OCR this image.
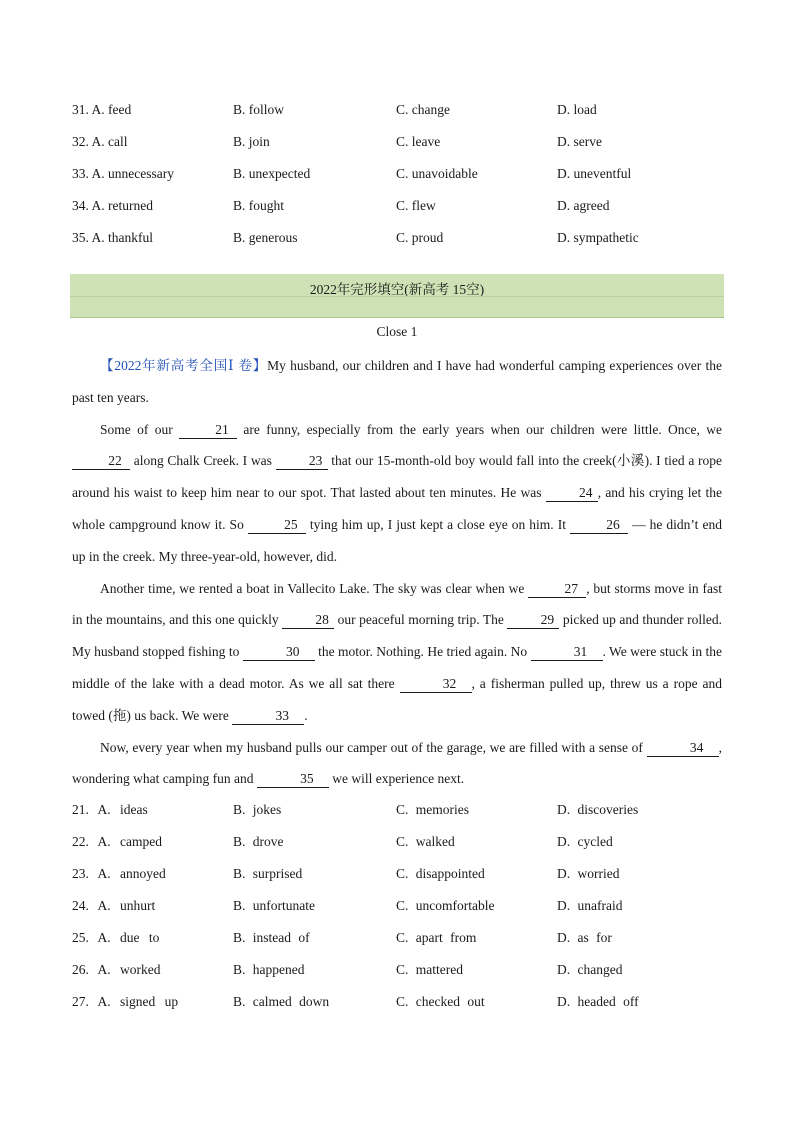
31. A. feed	B. follow	C. change	D. load
32. A. call	B. join	C. leave	D. serve
33. A. unnecessary	B. unexpected	C. unavoidable	D. uneventful
34. A. returned	B. fought	C. flew	D. agreed
35. A. thankful	B. generous	C. proud	D. sympathetic
2022年完形填空(新高考 15空)
Close 1

【2022年新高考全国Ⅰ 卷】My husband, our children and I have had wonderful camping experiences over the past ten years.

Some of our	21 are funny, especially from the early years when our children were little. Once, we 22 along Chalk Creek. I was 23 that our 15-month-old boy would fall into the creek(小溪). I tied a rope around his waist to keep him near to our spot. That lasted about ten minutes. He was 24 , and his crying let the whole campground know it. So	25 tying him up, I just kept a close eye on him. It	26 — he didn’t end up in the creek. My three-year-old, however, did.

Another time, we rented a boat in Vallecito Lake. The sky was clear when we	27 , but storms move in fast in the mountains, and this one quickly 28 our peaceful morning trip. The 29 picked up and thunder rolled. My husband stopped fishing to	30 the motor. Nothing. He tried again. No	31 . We were stuck in the middle of the lake with a dead motor. As we all sat there	32 , a fisherman pulled up, threw us a rope and towed (拖) us back. We were	33 .

Now, every year when my husband pulls our camper out of the garage, we are filled with a sense of	34 , wondering what camping fun and	35 we will experience next.

21. A. ideas	B. jokes	C. memories	D. discoveries
22. A. camped	B. drove	C. walked	D. cycled
23. A. annoyed	B. surprised	C. disappointed	D. worried
24. A. unhurt	B. unfortunate	C. uncomfortable	D. unafraid
25. A. due to	B. instead of	C. apart from	D. as for
26. A. worked	B. happened	C. mattered	D. changed
27. A. signed up	B. calmed down	C. checked out	D. headed off
